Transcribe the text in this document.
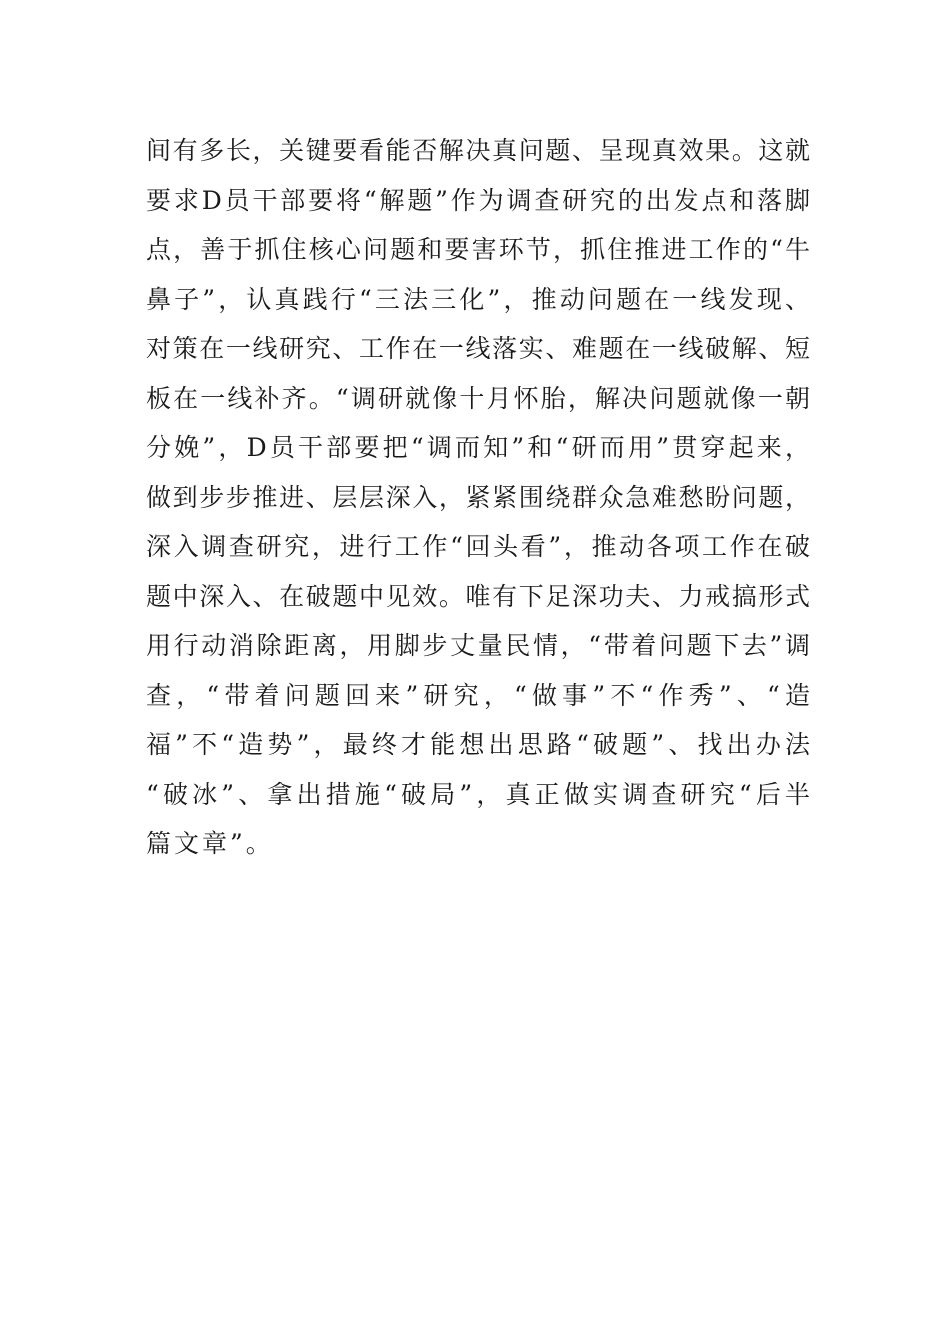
间有多长，关键要看能否解决真问题、呈现真效果。这就
要求D员干部要将“解题”作为调查研究的出发点和落脚
点，善于抓住核心问题和要害环节，抓住推进工作的“牛
鼻子”，认真践行“三法三化”，推动问题在一线发现、
对策在一线研究、工作在一线落实、难题在一线破解、短
板在一线补齐。“调研就像十月怀胎，解决问题就像一朝
分娩”，D员干部要把“调而知”和“研而用”贯穿起来，
做到步步推进、层层深入，紧紧围绕群众急难愁盼问题，
深入调查研究，进行工作“回头看”，推动各项工作在破
题中深入、在破题中见效。唯有下足深功夫、力戒搞形式
用行动消除距离，用脚步丈量民情，“带着问题下去”调
查，“带着问题回来”研究，“做事”不“作秀”、“造
福”不“造势”，最终才能想出思路“破题”、找出办法
“破冰”、拿出措施“破局”，真正做实调查研究“后半
篇文章”。
